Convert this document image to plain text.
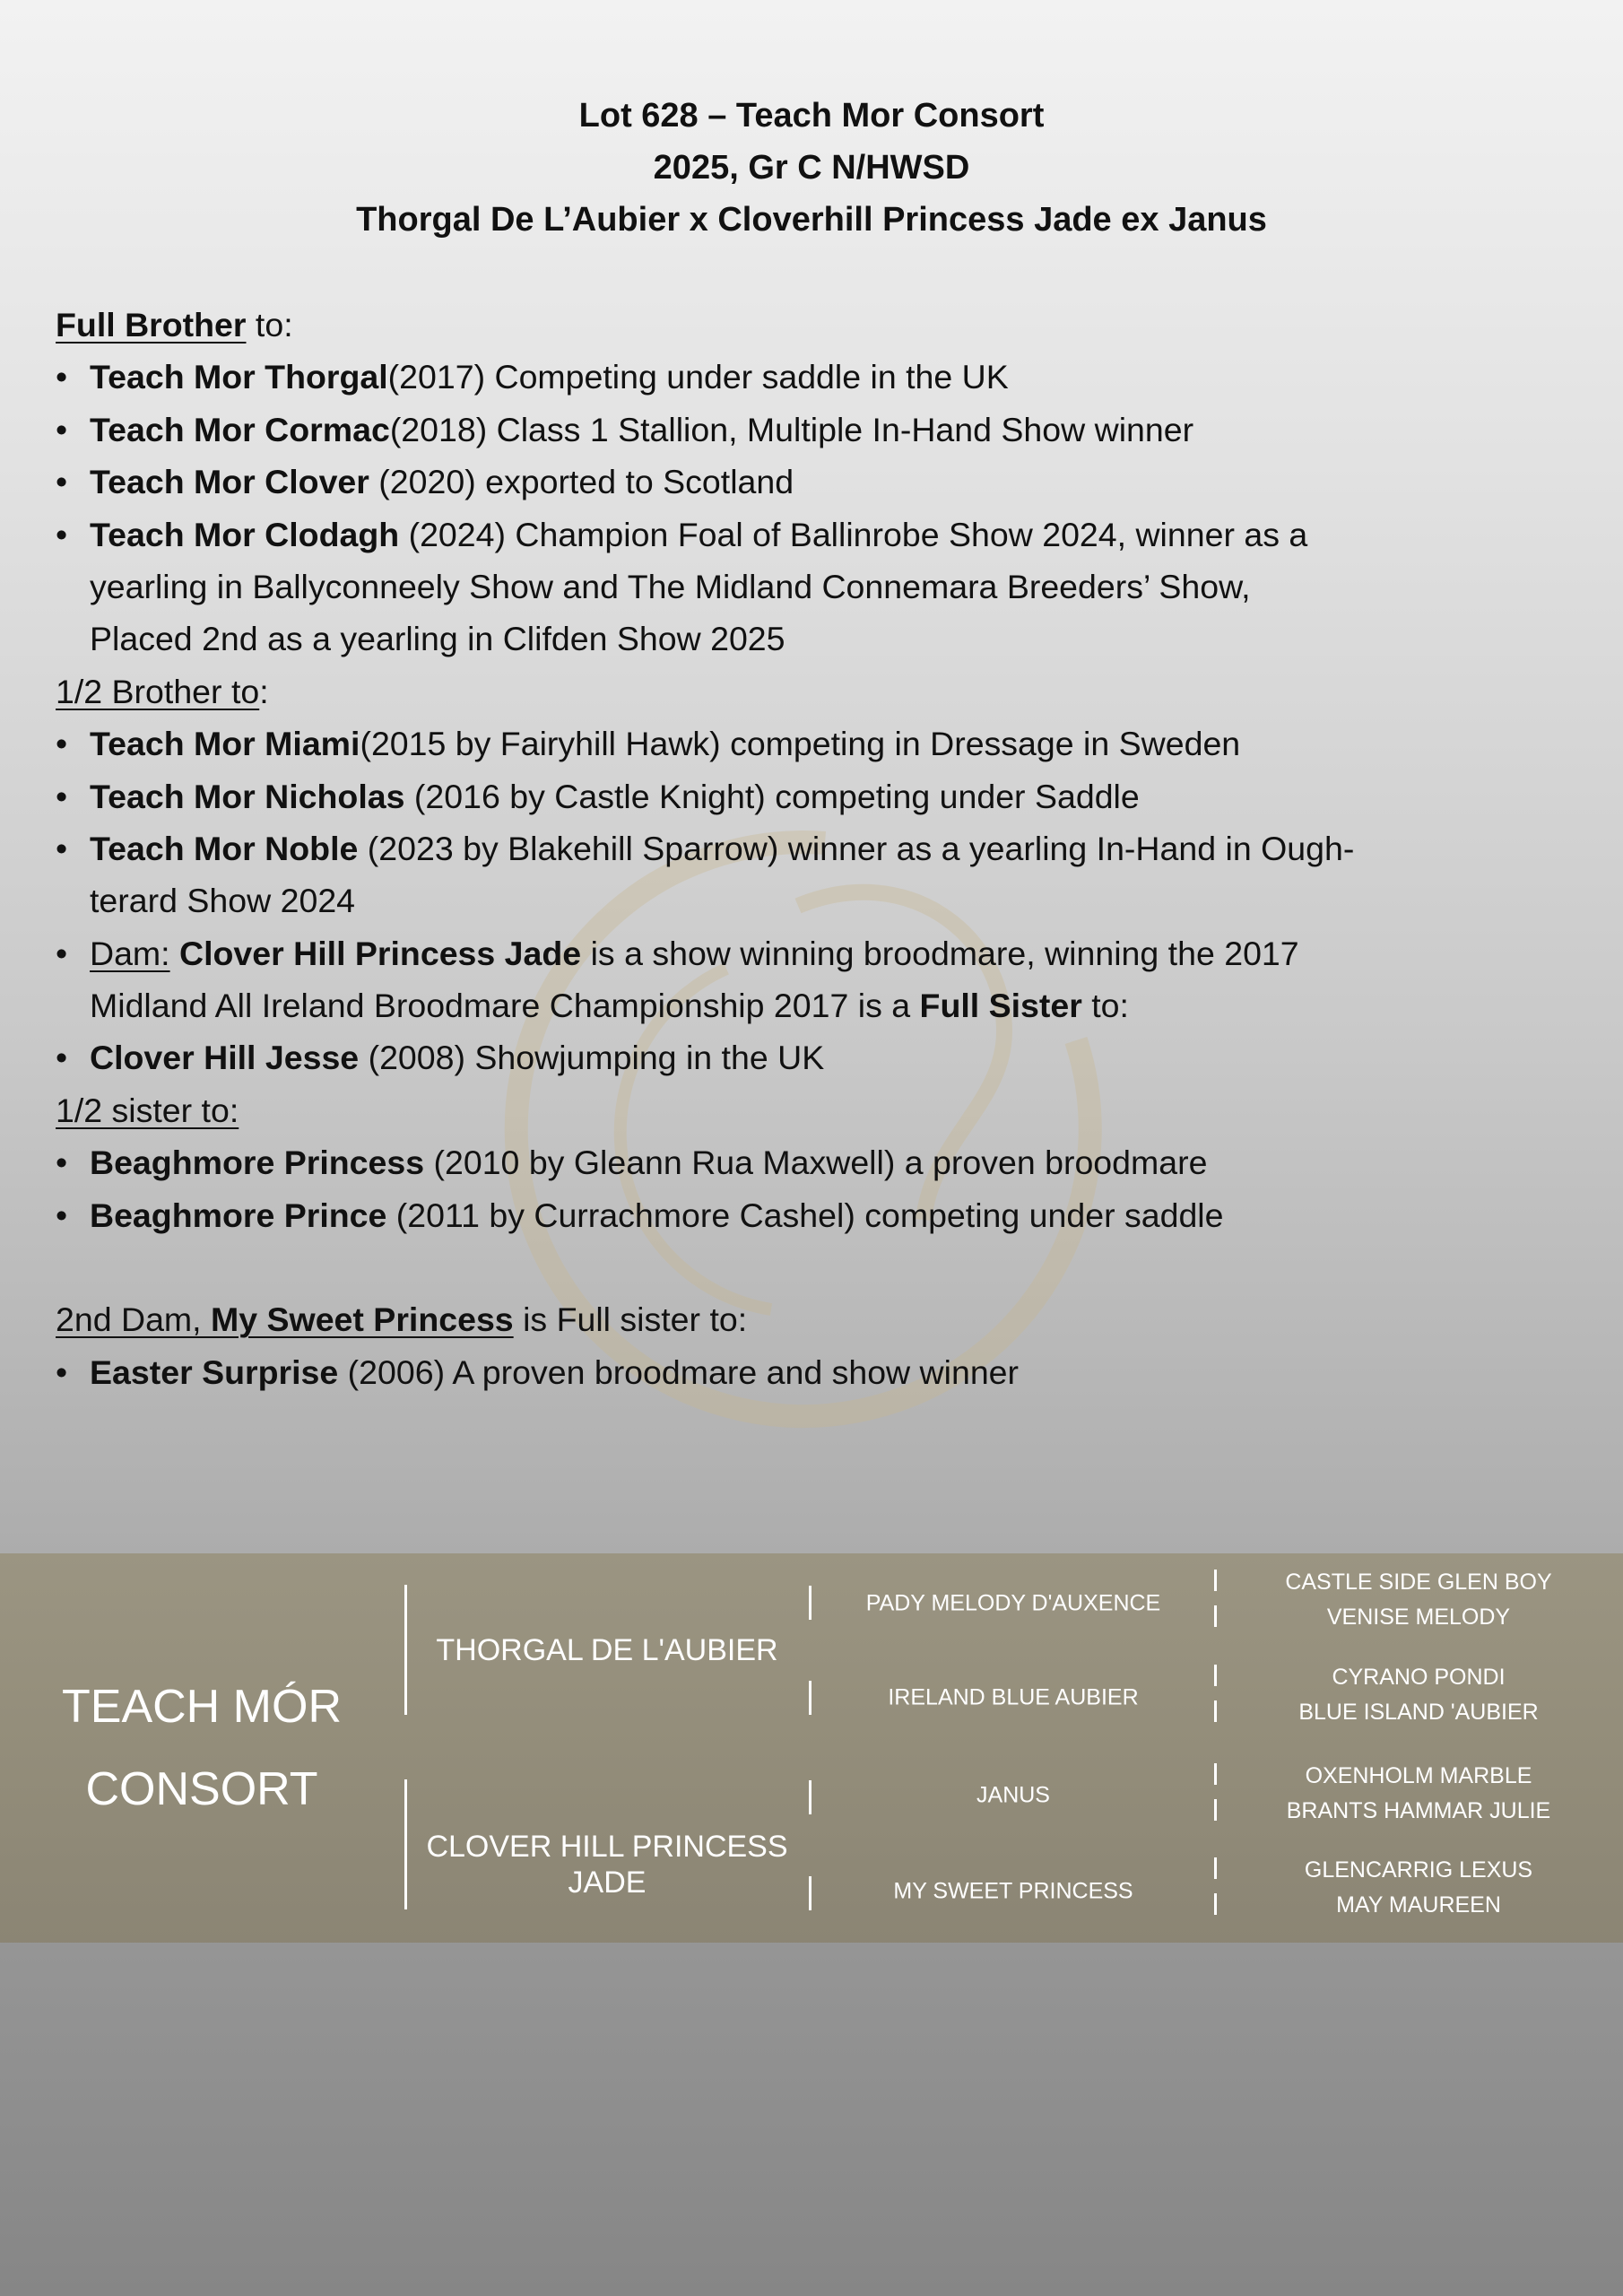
Lot 628 – Teach Mor Consort
2025, Gr C N/HWSD
Thorgal De L’Aubier x Cloverhill Princess Jade ex Janus
Full Brother to:
• Teach Mor Thorgal(2017) Competing under saddle in the UK
• Teach Mor Cormac(2018) Class 1 Stallion, Multiple In-Hand Show winner
• Teach Mor Clover (2020) exported to Scotland
• Teach Mor Clodagh (2024) Champion Foal of Ballinrobe Show 2024, winner as a
yearling in Ballyconneely Show and The Midland Connemara Breeders’ Show,
Placed 2nd as a yearling in Clifden Show 2025
1/2 Brother to:
• Teach Mor Miami(2015 by Fairyhill Hawk) competing in Dressage in Sweden
• Teach Mor Nicholas (2016 by Castle Knight) competing under Saddle
• Teach Mor Noble (2023 by Blakehill Sparrow) winner as a yearling In-Hand in Ough-
terard Show 2024
• Dam: Clover Hill Princess Jade is a show winning broodmare, winning the 2017
Midland All Ireland Broodmare Championship 2017 is a Full Sister to:
• Clover Hill Jesse (2008) Showjumping in the UK
1/2 sister to:
• Beaghmore Princess (2010 by Gleann Rua Maxwell) a proven broodmare
• Beaghmore Prince (2011 by Currachmore Cashel) competing under saddle
2nd Dam, My Sweet Princess is Full sister to:
• Easter Surprise (2006) A proven broodmare and show winner
TEACH MÓR
CONSORT
THORGAL DE L'AUBIER
CLOVER HILL PRINCESS JADE
PADY MELODY D'AUXENCE
IRELAND BLUE AUBIER
JANUS
MY SWEET PRINCESS
CASTLE SIDE GLEN BOY
VENISE MELODY
CYRANO PONDI
BLUE ISLAND 'AUBIER
OXENHOLM MARBLE
BRANTS HAMMAR JULIE
GLENCARRIG LEXUS
MAY MAUREEN
